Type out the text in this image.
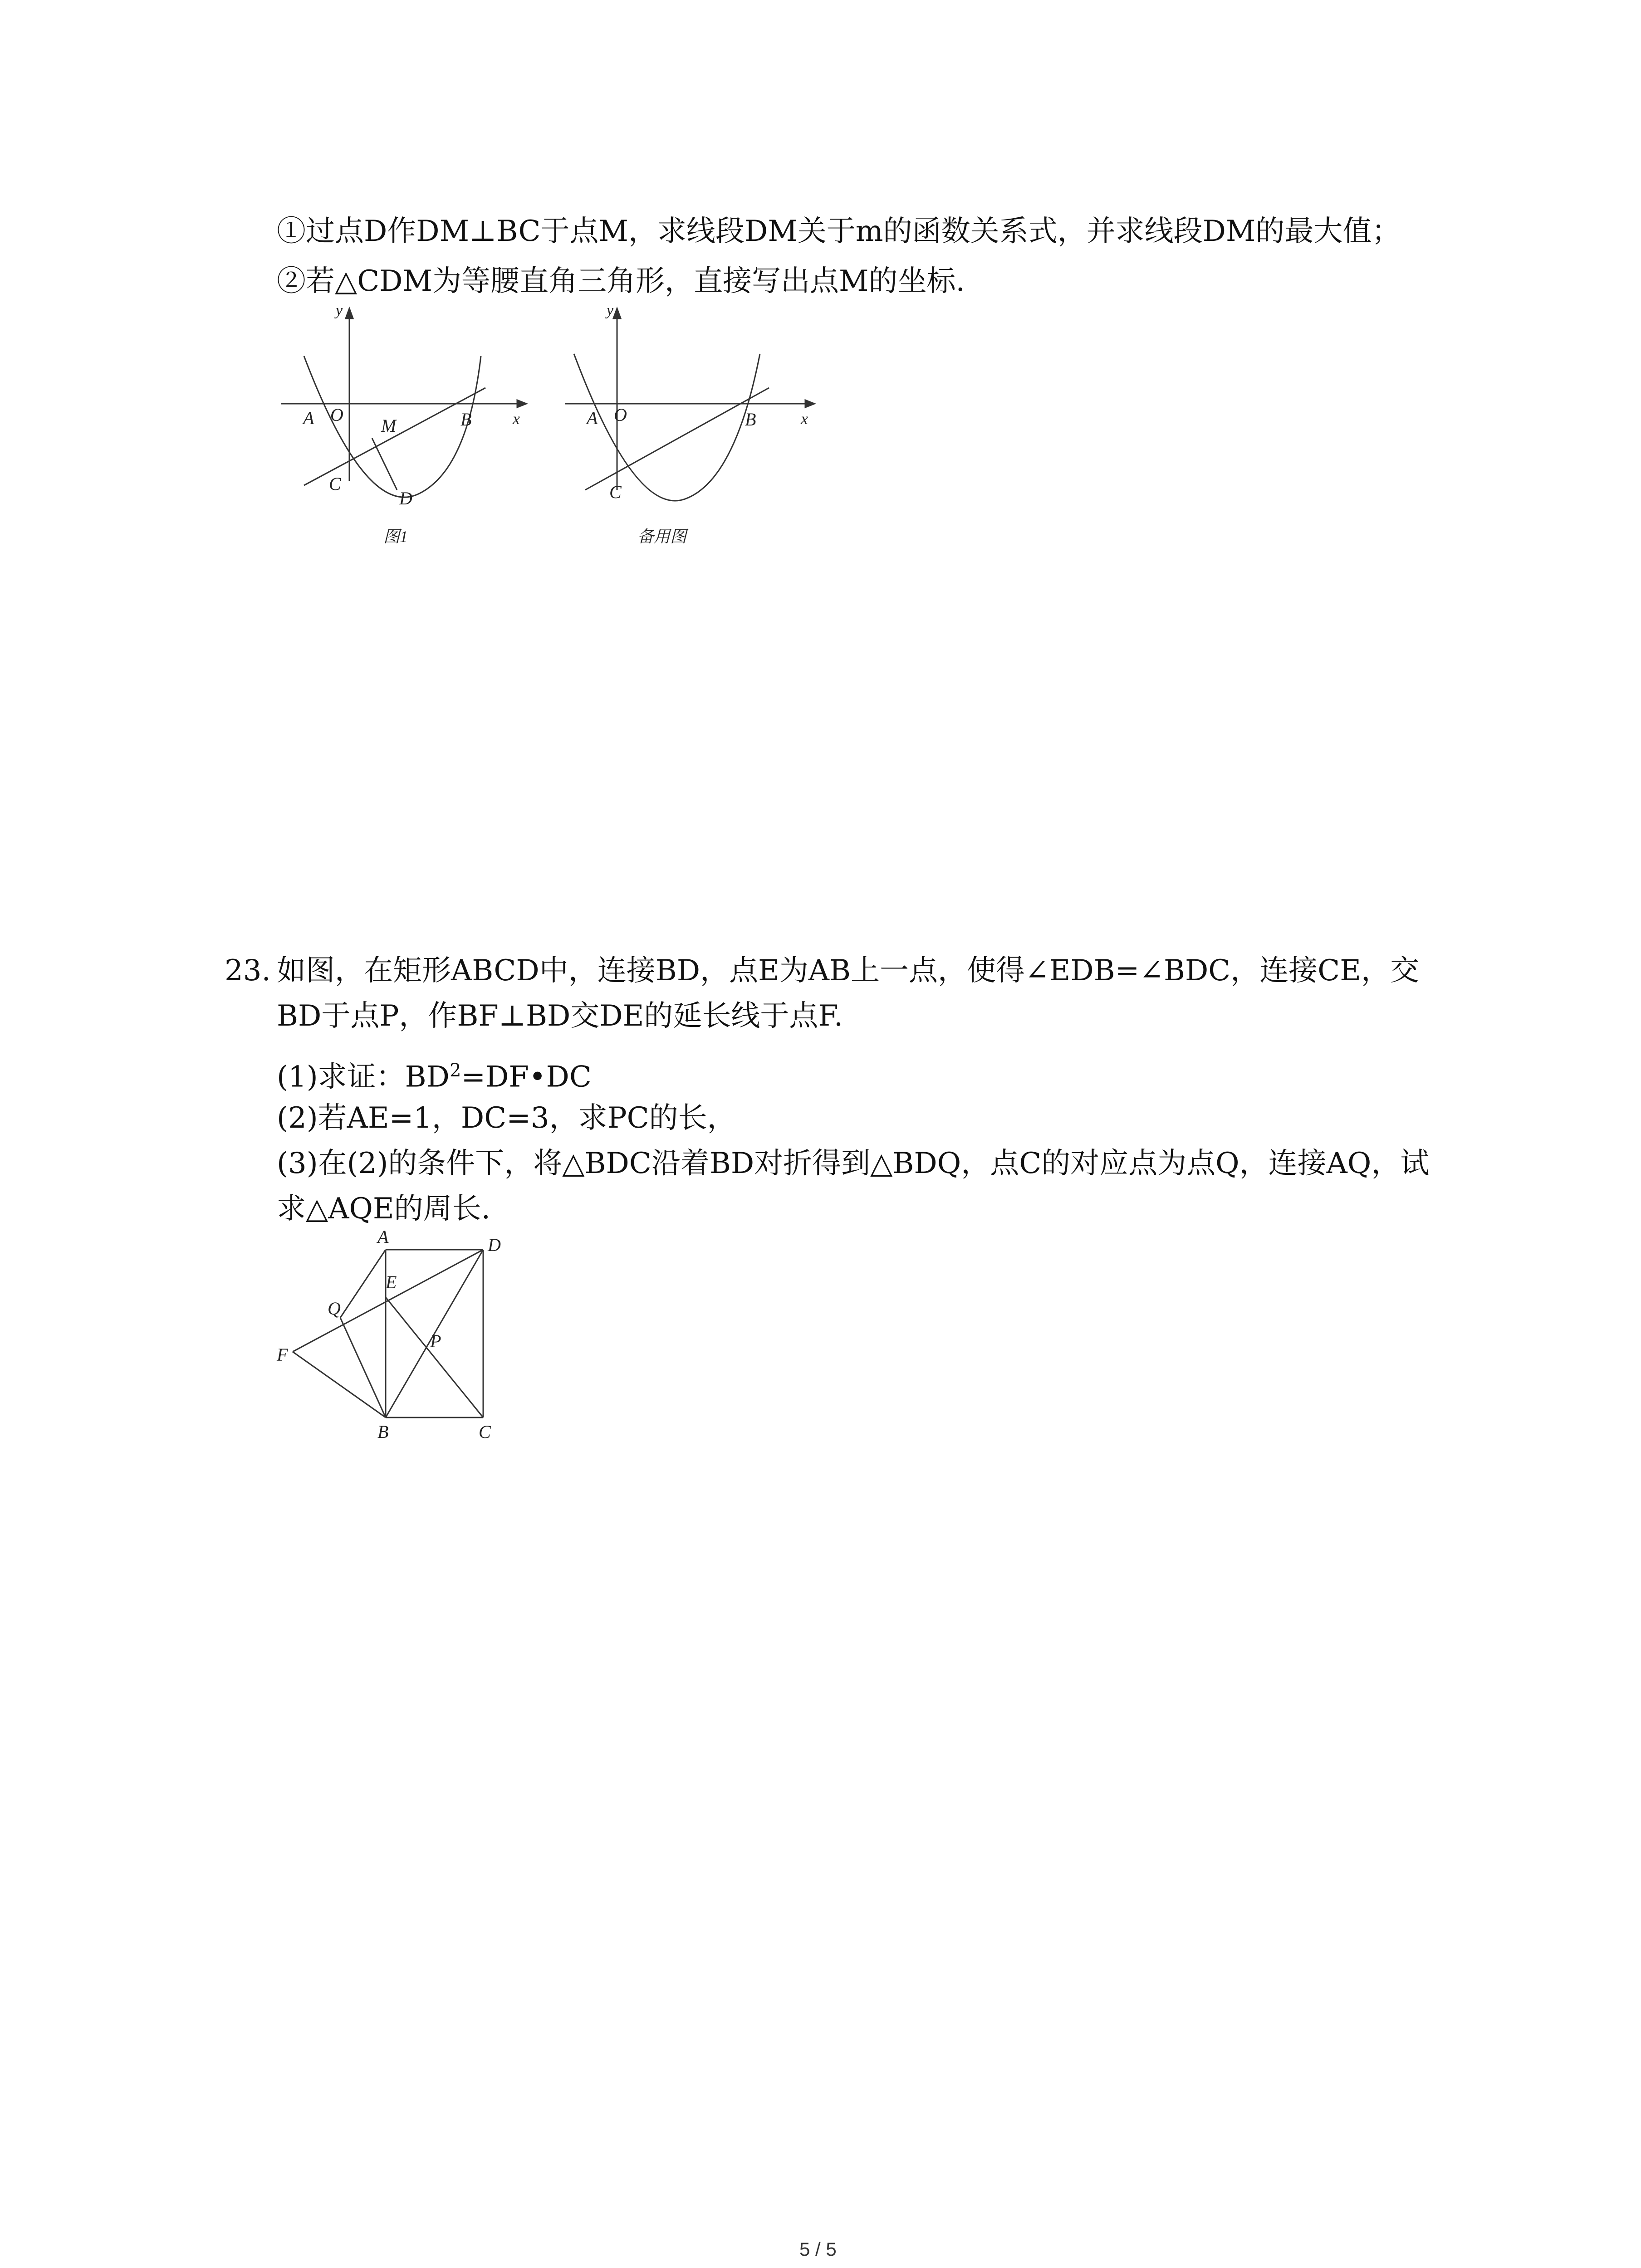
①过点D作DM⊥BC于点M，求线段DM关于m的函数关系式，并求线段DM的最大值；
②若△CDM为等腰直角三角形，直接写出点M的坐标.
y
x
A O	B
C
M
D
图1
y
x
A O	B
C
备用图
23. 如图，在矩形ABCD中，连接BD，点E为AB上一点，使得∠EDB=∠BDC，连接CE，交
BD于点P，作BF⊥BD交DE的延长线于点F.
(1)求证：$BD^2=DF•DC$
(2)若AE=1，DC=3，求PC的长，
(3)在(2)的条件下，将△BDC沿着BD对折得到△BDQ，点C的对应点为点Q，连接AQ，试
求△AQE的周长.
A	D
E
Q
P
F
B	C
5 / 5
